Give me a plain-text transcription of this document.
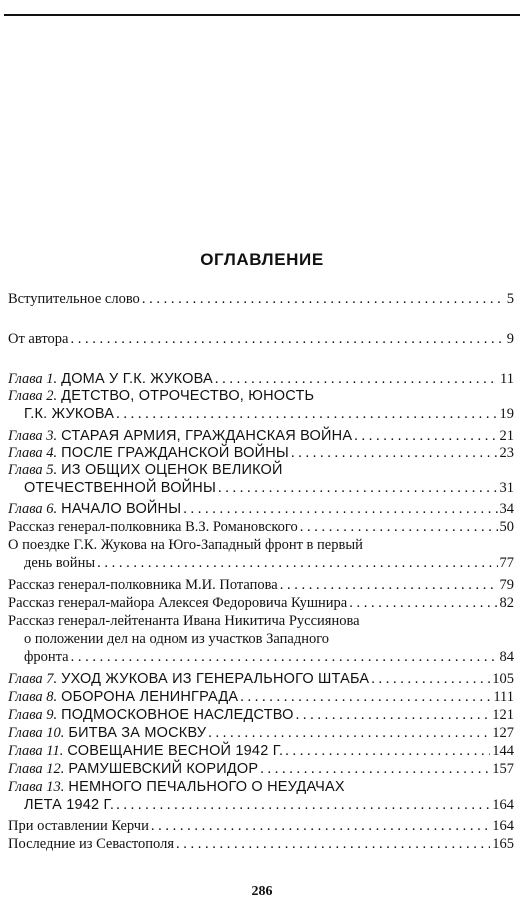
ОГЛАВЛЕНИЕ
Вступительное слово . . .	5
От автора . . .	9
Глава 1. ДОМА У Г.К. ЖУКОВА . . .	11
Глава 2. ДЕТСТВО, ОТРОЧЕСТВО, ЮНОСТЬ
Г.К. ЖУКОВА . . .	19
Глава 3. СТАРАЯ АРМИЯ, ГРАЖДАНСКАЯ ВОЙНА . . .	21
Глава 4. ПОСЛЕ ГРАЖДАНСКОЙ ВОЙНЫ . . .	23
Глава 5. ИЗ ОБЩИХ ОЦЕНОК ВЕЛИКОЙ
ОТЕЧЕСТВЕННОЙ ВОЙНЫ . . .	31
Глава 6. НАЧАЛО ВОЙНЫ . . .	34
Рассказ генерал-полковника В.З. Романовского . . .	50
О поездке Г.К. Жукова на Юго-Западный фронт в первый
день войны . . .	77
Рассказ генерал-полковника М.И. Потапова . . .	79
Рассказ генерал-майора Алексея Федоровича Кушнира . . .	82
Рассказ генерал-лейтенанта Ивана Никитича Руссиянова
о положении дел на одном из участков Западного
фронта . . .	84
Глава 7. УХОД ЖУКОВА ИЗ ГЕНЕРАЛЬНОГО ШТАБА . . .	105
Глава 8. ОБОРОНА ЛЕНИНГРАДА . . .	111
Глава 9. ПОДМОСКОВНОЕ НАСЛЕДСТВО . . .	121
Глава 10. БИТВА ЗА МОСКВУ . . .	127
Глава 11. СОВЕЩАНИЕ ВЕСНОЙ 1942 Г. . . .	144
Глава 12. РАМУШЕВСКИЙ КОРИДОР . . .	157
Глава 13. НЕМНОГО ПЕЧАЛЬНОГО О НЕУДАЧАХ
ЛЕТА 1942 Г. . . .	164
При оставлении Керчи . . .	164
Последние из Севастополя . . .	165
286
